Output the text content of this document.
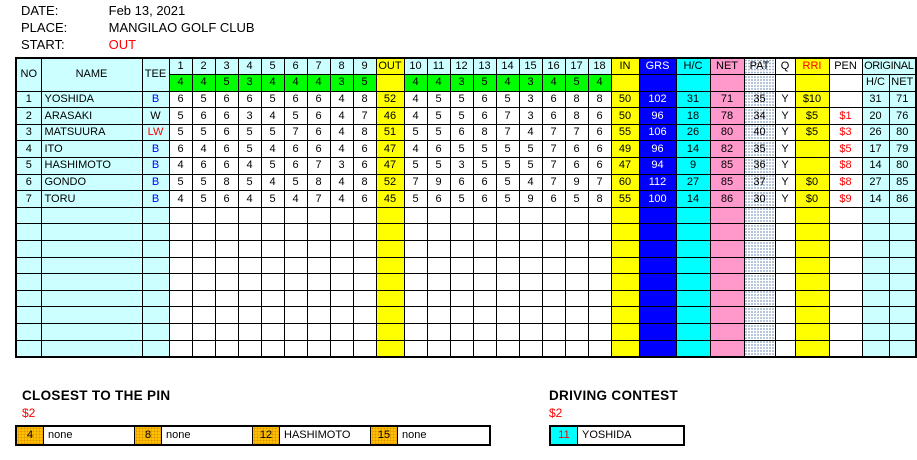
DATE:	Feb 13, 2021
PLACE:	MANGILAO GOLF CLUB
START:	OUT
NO	NAME	TEE	1	2	3	4	5	6	7	8	9	OUT	10	11	12	13	14	15	16	17	18	IN	GRS	H/C	NET	PAT	Q	RRI	PEN	ORIGINAL	
			4	4	5	3	4	4	4	3	5		4	4	3	5	4	3	4	5	4									H/C	NET
1	YOSHIDA	B	6	5	6	6	5	6	6	4	8	52	4	5	5	6	5	3	6	8	8	50	102	31	71	35	Y	$10		31	71
2	ARASAKI	W	5	6	6	3	4	5	6	4	7	46	4	5	5	6	7	3	6	8	6	50	96	18	78	34	Y	$5	$1	20	76
3	MATSUURA	LW	5	5	6	5	5	7	6	4	8	51	5	5	6	8	7	4	7	7	6	55	106	26	80	40	Y	$5	$3	26	80
4	ITO	B	6	4	6	5	4	6	6	4	6	47	4	6	5	5	5	5	7	6	6	49	96	14	82	35	Y		$5	17	79
5	HASHIMOTO	B	4	6	6	4	5	6	7	3	6	47	5	5	3	5	5	5	7	6	6	47	94	9	85	36	Y		$8	14	80
6	GONDO	B	5	5	8	5	4	5	8	4	8	52	7	9	6	6	5	4	7	9	7	60	112	27	85	37	Y	$0	$8	27	85
7	TORU	B	4	5	6	4	5	4	7	4	6	45	5	6	5	6	5	9	6	5	8	55	100	14	86	30	Y	$0	$9	14	86

CLOSEST TO THE PIN
$2
4	none	8	none	12	HASHIMOTO	15	none
DRIVING CONTEST
$2
11	YOSHIDA
